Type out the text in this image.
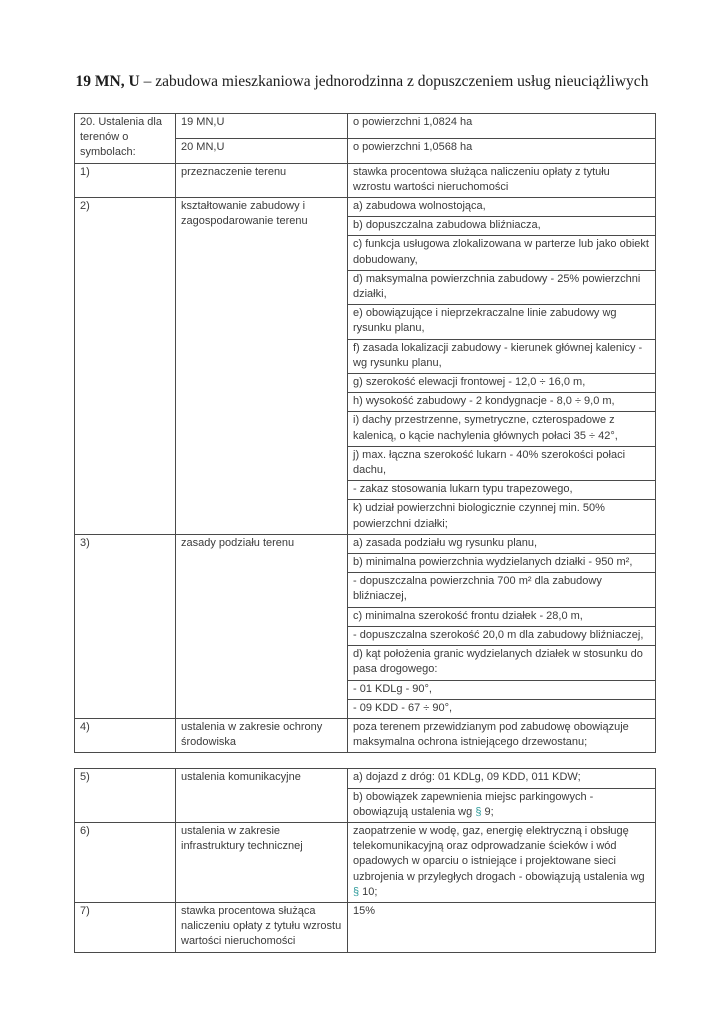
19 MN, U – zabudowa mieszkaniowa jednorodzinna z dopuszczeniem usług nieuciążliwych
20. Ustalenia dla terenów o symbolach:	19 MN,U	o powierzchni 1,0824 ha
	20 MN,U	o powierzchni 1,0568 ha
1)	przeznaczenie terenu	stawka procentowa służąca naliczeniu opłaty z tytułu wzrostu wartości nieruchomości
2)	kształtowanie zabudowy i zagospodarowanie terenu	a) zabudowa wolnostojąca,
		b) dopuszczalna zabudowa bliźniacza,
		c) funkcja usługowa zlokalizowana w parterze lub jako obiekt dobudowany,
		d) maksymalna powierzchnia zabudowy - 25% powierzchni działki,
		e) obowiązujące i nieprzekraczalne linie zabudowy wg rysunku planu,
		f) zasada lokalizacji zabudowy - kierunek głównej kalenicy - wg rysunku planu,
		g) szerokość elewacji frontowej - 12,0 ÷ 16,0 m,
		h) wysokość zabudowy - 2 kondygnacje - 8,0 ÷ 9,0 m,
		i) dachy przestrzenne, symetryczne, czterospadowe z kalenicą, o kącie nachylenia głównych połaci 35 ÷ 42°,
		j) max. łączna szerokość lukarn - 40% szerokości połaci dachu,
		- zakaz stosowania lukarn typu trapezowego,
		k) udział powierzchni biologicznie czynnej min. 50% powierzchni działki;
3)	zasady podziału terenu	a) zasada podziału wg rysunku planu,
		b) minimalna powierzchnia wydzielanych działki - 950 m²,
		- dopuszczalna powierzchnia 700 m² dla zabudowy bliźniaczej,
		c) minimalna szerokość frontu działek - 28,0 m,
		- dopuszczalna szerokość 20,0 m dla zabudowy bliźniaczej,
		d) kąt położenia granic wydzielanych działek w stosunku do pasa drogowego:
		- 01 KDLg - 90°,
		- 09 KDD - 67 ÷ 90°,
4)	ustalenia w zakresie ochrony środowiska	poza terenem przewidzianym pod zabudowę obowiązuje maksymalna ochrona istniejącego drzewostanu;
5)	ustalenia komunikacyjne	a) dojazd z dróg: 01 KDLg, 09 KDD, 011 KDW;
		b) obowiązek zapewnienia miejsc parkingowych - obowiązują ustalenia wg § 9;
6)	ustalenia w zakresie infrastruktury technicznej	zaopatrzenie w wodę, gaz, energię elektryczną i obsługę telekomunikacyjną oraz odprowadzanie ścieków i wód opadowych w oparciu o istniejące i projektowane sieci uzbrojenia w przyległych drogach - obowiązują ustalenia wg § 10;
7)	stawka procentowa służąca naliczeniu opłaty z tytułu wzrostu wartości nieruchomości	15%
